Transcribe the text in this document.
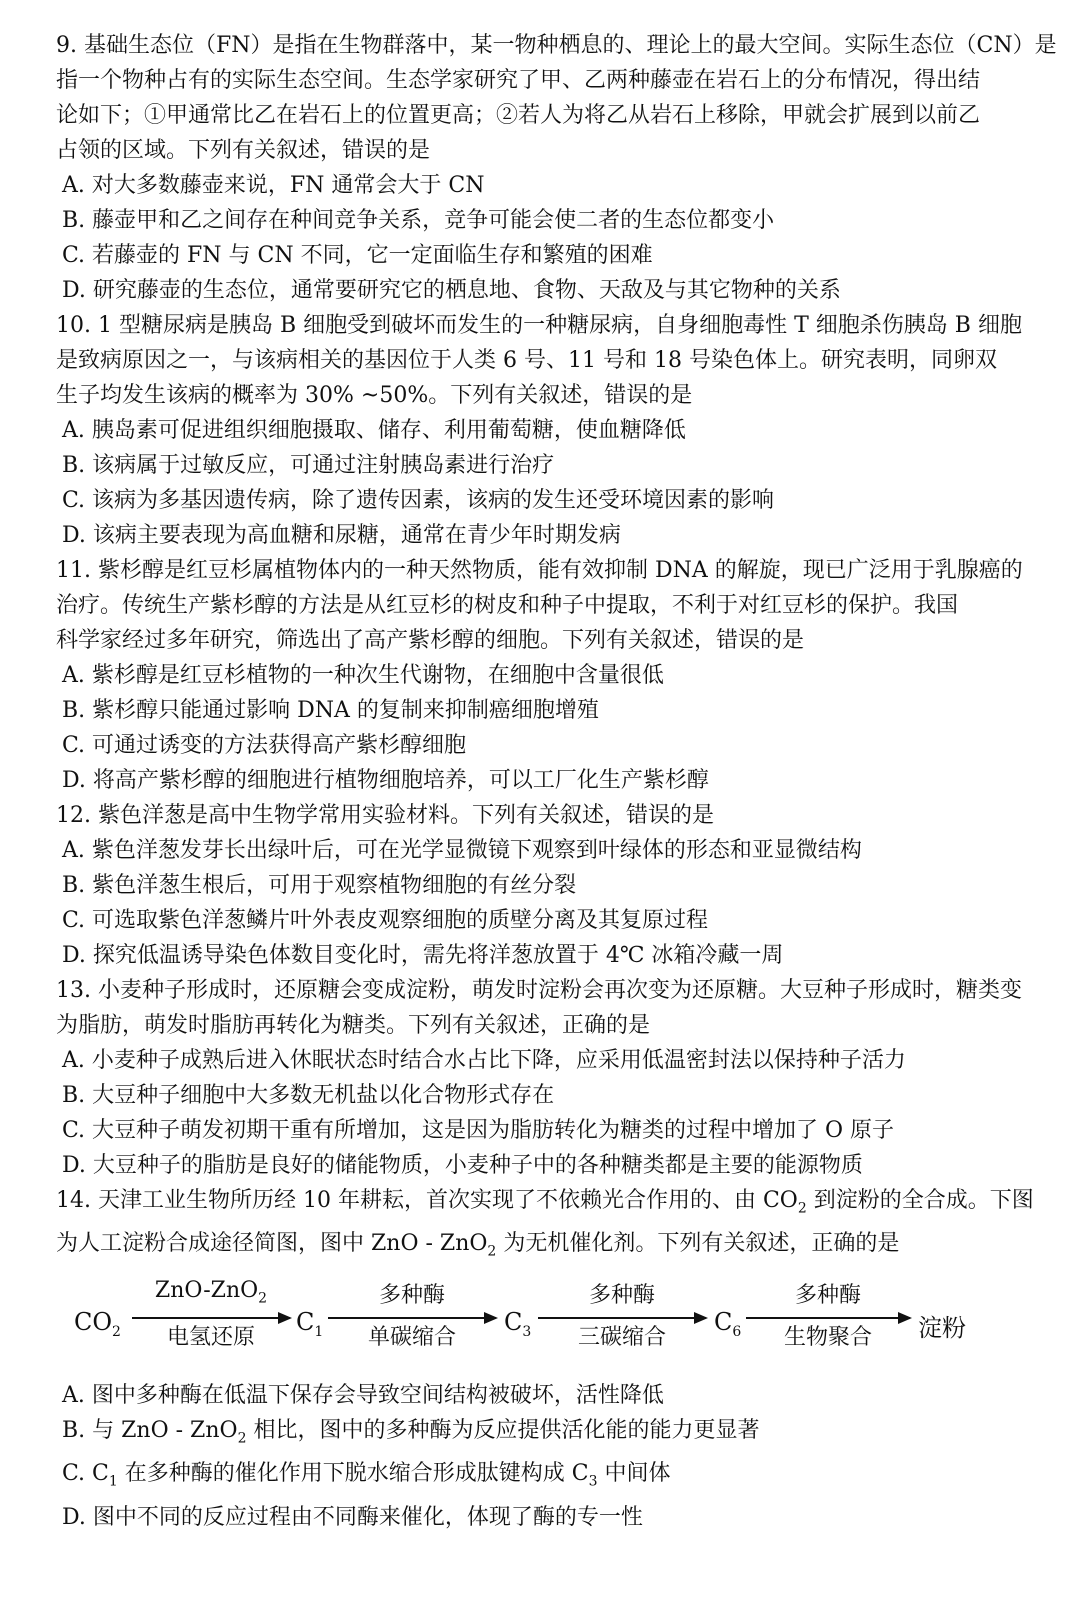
9. 基础生态位（FN）是指在生物群落中，某一物种栖息的、理论上的最大空间。实际生态位（CN）是
指一个物种占有的实际生态空间。生态学家研究了甲、乙两种藤壶在岩石上的分布情况，得出结
论如下；①甲通常比乙在岩石上的位置更高；②若人为将乙从岩石上移除，甲就会扩展到以前乙
占领的区域。下列有关叙述，错误的是
A. 对大多数藤壶来说，FN 通常会大于 CN
B. 藤壶甲和乙之间存在种间竞争关系，竞争可能会使二者的生态位都变小
C. 若藤壶的 FN 与 CN 不同，它一定面临生存和繁殖的困难
D. 研究藤壶的生态位，通常要研究它的栖息地、食物、天敌及与其它物种的关系
10. 1 型糖尿病是胰岛 B 细胞受到破坏而发生的一种糖尿病，自身细胞毒性 T 细胞杀伤胰岛 B 细胞
是致病原因之一，与该病相关的基因位于人类 6 号、11 号和 18 号染色体上。研究表明，同卵双
生子均发生该病的概率为 30% ~50%。下列有关叙述，错误的是
A. 胰岛素可促进组织细胞摄取、储存、利用葡萄糖，使血糖降低
B. 该病属于过敏反应，可通过注射胰岛素进行治疗
C. 该病为多基因遗传病，除了遗传因素，该病的发生还受环境因素的影响
D. 该病主要表现为高血糖和尿糖，通常在青少年时期发病
11. 紫杉醇是红豆杉属植物体内的一种天然物质，能有效抑制 DNA 的解旋，现已广泛用于乳腺癌的
治疗。传统生产紫杉醇的方法是从红豆杉的树皮和种子中提取，不利于对红豆杉的保护。我国
科学家经过多年研究，筛选出了高产紫杉醇的细胞。下列有关叙述，错误的是
A. 紫杉醇是红豆杉植物的一种次生代谢物，在细胞中含量很低
B. 紫杉醇只能通过影响 DNA 的复制来抑制癌细胞增殖
C. 可通过诱变的方法获得高产紫杉醇细胞
D. 将高产紫杉醇的细胞进行植物细胞培养，可以工厂化生产紫杉醇
12. 紫色洋葱是高中生物学常用实验材料。下列有关叙述，错误的是
A. 紫色洋葱发芽长出绿叶后，可在光学显微镜下观察到叶绿体的形态和亚显微结构
B. 紫色洋葱生根后，可用于观察植物细胞的有丝分裂
C. 可选取紫色洋葱鳞片叶外表皮观察细胞的质壁分离及其复原过程
D. 探究低温诱导染色体数目变化时，需先将洋葱放置于 4℃ 冰箱冷藏一周
13. 小麦种子形成时，还原糖会变成淀粉，萌发时淀粉会再次变为还原糖。大豆种子形成时，糖类变
为脂肪，萌发时脂肪再转化为糖类。下列有关叙述，正确的是
A. 小麦种子成熟后进入休眠状态时结合水占比下降，应采用低温密封法以保持种子活力
B. 大豆种子细胞中大多数无机盐以化合物形式存在
C. 大豆种子萌发初期干重有所增加，这是因为脂肪转化为糖类的过程中增加了 O 原子
D. 大豆种子的脂肪是良好的储能物质，小麦种子中的各种糖类都是主要的能源物质
14. 天津工业生物所历经 10 年耕耘，首次实现了不依赖光合作用的、由 $CO_2$ 到淀粉的全合成。下图
为人工淀粉合成途径简图，图中 ZnO - ZnO$_2$ 为无机催化剂。下列有关叙述，正确的是
$CO_2$
ZnO-ZnO$_2$
电氢还原
$C_1$
多种酶
单碳缩合
$C_3$
多种酶
三碳缩合
$C_6$
多种酶
生物聚合	淀粉
A. 图中多种酶在低温下保存会导致空间结构被破坏，活性降低
B. 与 ZnO - ZnO$_2$ 相比，图中的多种酶为反应提供活化能的能力更显著
C. $C_1$ 在多种酶的催化作用下脱水缩合形成肽键构成 $C_3$ 中间体
D. 图中不同的反应过程由不同酶来催化，体现了酶的专一性
